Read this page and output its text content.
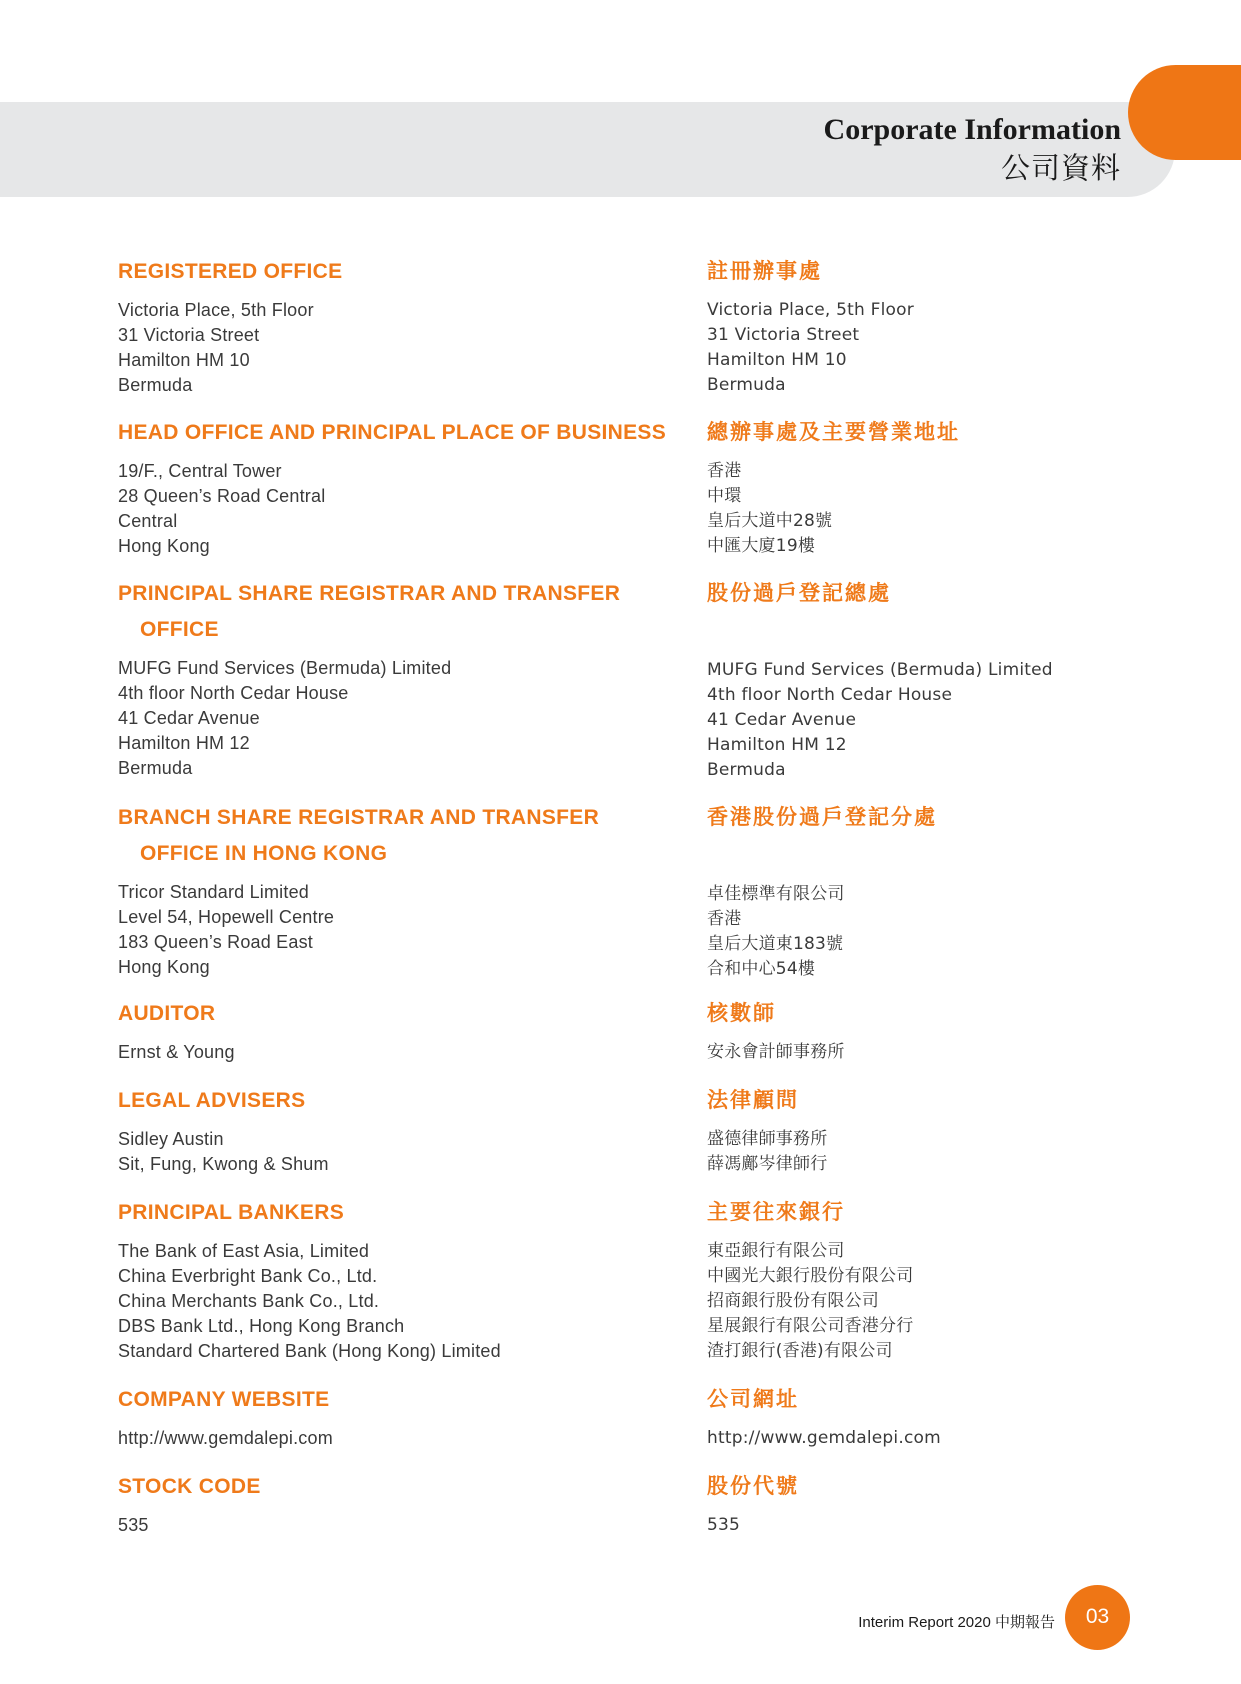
Corporate Information
公司資料
REGISTERED OFFICE
Victoria Place, 5th Floor
31 Victoria Street
Hamilton HM 10
Bermuda
HEAD OFFICE AND PRINCIPAL PLACE OF BUSINESS
19/F., Central Tower
28 Queen’s Road Central
Central
Hong Kong
PRINCIPAL SHARE REGISTRAR AND TRANSFER
OFFICE
MUFG Fund Services (Bermuda) Limited
4th floor North Cedar House
41 Cedar Avenue
Hamilton HM 12
Bermuda
BRANCH SHARE REGISTRAR AND TRANSFER
OFFICE IN HONG KONG
Tricor Standard Limited
Level 54, Hopewell Centre
183 Queen’s Road East
Hong Kong
AUDITOR
Ernst & Young
LEGAL ADVISERS
Sidley Austin
Sit, Fung, Kwong & Shum
PRINCIPAL BANKERS
The Bank of East Asia, Limited
China Everbright Bank Co., Ltd.
China Merchants Bank Co., Ltd.
DBS Bank Ltd., Hong Kong Branch
Standard Chartered Bank (Hong Kong) Limited
COMPANY WEBSITE
http://www.gemdalepi.com
STOCK CODE
535
註冊辦事處
Victoria Place, 5th Floor
31 Victoria Street
Hamilton HM 10
Bermuda
總辦事處及主要營業地址
香港
中環
皇后大道中28號
中匯大廈19樓
股份過戶登記總處
MUFG Fund Services (Bermuda) Limited
4th floor North Cedar House
41 Cedar Avenue
Hamilton HM 12
Bermuda
香港股份過戶登記分處
卓佳標準有限公司
香港
皇后大道東183號
合和中心54樓
核數師
安永會計師事務所
法律顧問
盛德律師事務所
薛馮鄺岑律師行
主要往來銀行
東亞銀行有限公司
中國光大銀行股份有限公司
招商銀行股份有限公司
星展銀行有限公司香港分行
渣打銀行(香港)有限公司
公司網址
http://www.gemdalepi.com
股份代號
535
Interim Report 2020 中期報告	03
